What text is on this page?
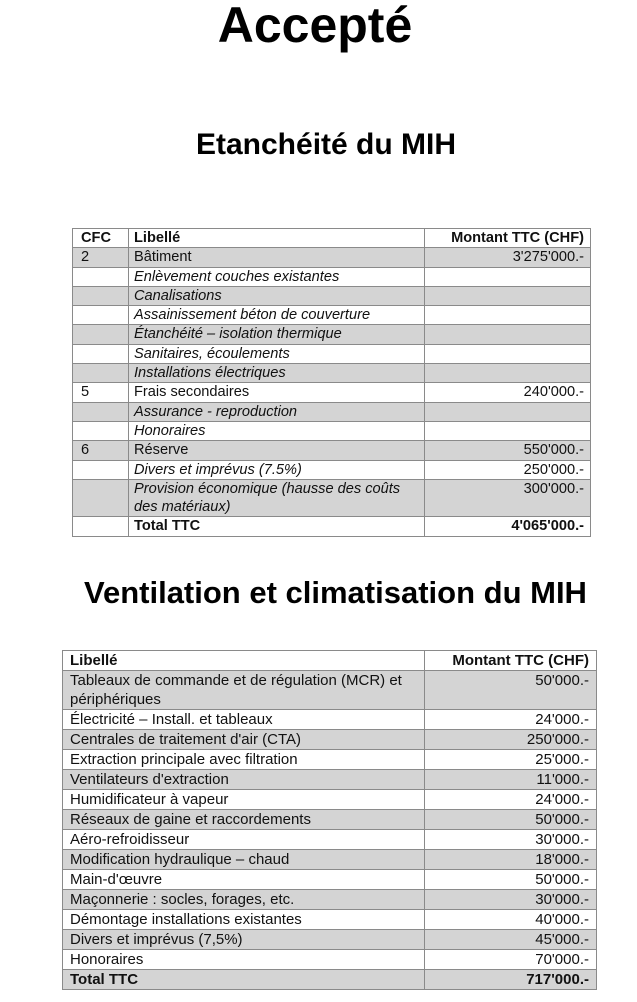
Accepté
Etanchéité du MIH
CFC	Libellé	Montant TTC (CHF)
2	Bâtiment	3'275'000.-
	Enlèvement couches existantes	
	Canalisations	
	Assainissement béton de couverture	
	Étanchéité – isolation thermique	
	Sanitaires, écoulements	
	Installations électriques	
5	Frais secondaires	240'000.-
	Assurance - reproduction	
	Honoraires	
6	Réserve	550'000.-
	Divers et imprévus (7.5%)	250'000.-
	Provision économique (hausse des coûts des matériaux)	300'000.-
	Total TTC	4'065'000.-
Ventilation et climatisation du MIH
Libellé	Montant TTC (CHF)
Tableaux de commande et de régulation (MCR) et périphériques	50'000.-
Électricité – Install. et tableaux	24'000.-
Centrales de traitement d'air (CTA)	250'000.-
Extraction principale avec filtration	25'000.-
Ventilateurs d'extraction	11'000.-
Humidificateur à vapeur	24'000.-
Réseaux de gaine et raccordements	50'000.-
Aéro-refroidisseur	30'000.-
Modification hydraulique – chaud	18'000.-
Main-d'œuvre	50'000.-
Maçonnerie : socles, forages, etc.	30'000.-
Démontage installations existantes	40'000.-
Divers et imprévus (7,5%)	45'000.-
Honoraires	70'000.-
Total TTC	717'000.-
